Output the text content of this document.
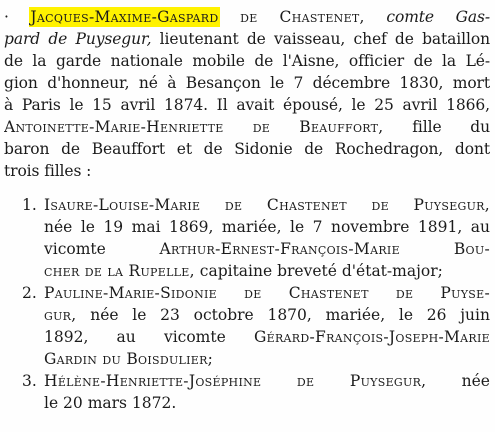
· Jacques-Maxime-Gaspard de Chastenet, comte Gas-
pard de Puysegur, lieutenant de vaisseau, chef de bataillon
de la garde nationale mobile de l'Aisne, officier de la Lé-
gion d'honneur, né à Besançon le 7 décembre 1830, mort
à Paris le 15 avril 1874. Il avait épousé, le 25 avril 1866,
Antoinette-Marie-Henriette de Beauffort, fille du
baron de Beauffort et de Sidonie de Rochedragon, dont
trois filles :
1. Isaure-Louise-Marie de Chastenet de Puysegur,
née le 19 mai 1869, mariée, le 7 novembre 1891, au
vicomte	Arthur-Ernest-François-Marie Bou-
cher de la Rupelle, capitaine breveté d'état-major;
2. Pauline-Marie-Sidonie de Chastenet de Puyse-
gur, née le 23 octobre 1870, mariée, le 26 juin
1892, au vicomte Gérard-François-Joseph-Marie
Gardin du Boisdulier;
3. Hélène-Henriette-Joséphine de Puysegur, née
le 20 mars 1872.
